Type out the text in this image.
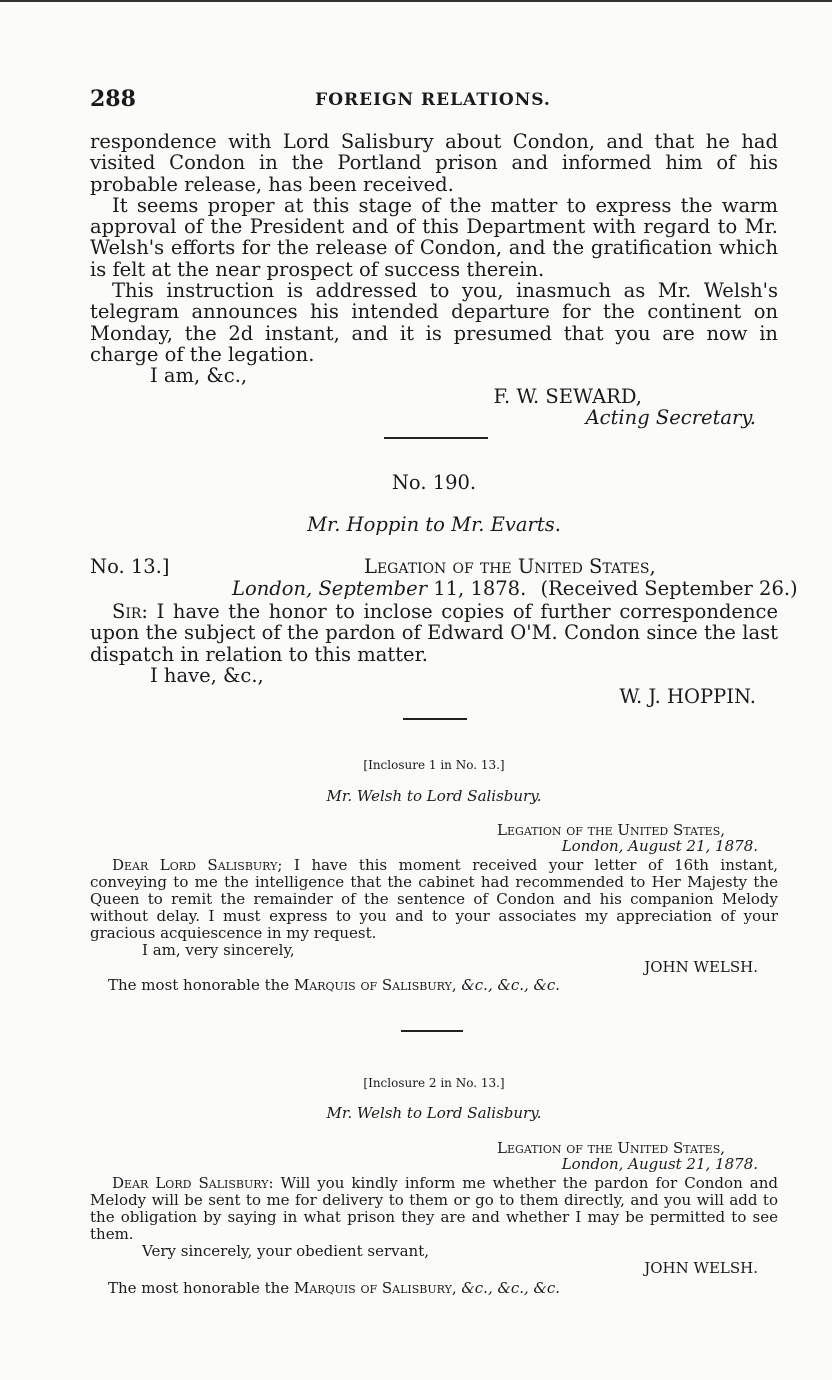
288	FOREIGN RELATIONS.

respondence with Lord Salisbury about Condon, and that he had visited Condon in the Portland prison and informed him of his probable release, has been received.

It seems proper at this stage of the matter to express the warm approval of the President and of this Department with regard to Mr. Welsh's efforts for the release of Condon, and the gratification which is felt at the near prospect of success therein.

This instruction is addressed to you, inasmuch as Mr. Welsh's telegram announces his intended departure for the continent on Monday, the 2d instant, and it is presumed that you are now in charge of the legation.

I am, &c.,

F. W. SEWARD,
Acting Secretary.
No. 190.
Mr. Hoppin to Mr. Evarts.
No. 13.]	Legation of the United States,
London, September 11, 1878. (Received September 26.)

Sir: I have the honor to inclose copies of further correspondence upon the subject of the pardon of Edward O'M. Condon since the last dispatch in relation to this matter.

I have, &c.,

W. J. HOPPIN.
[Inclosure 1 in No. 13.]
Mr. Welsh to Lord Salisbury.
Legation of the United States,
London, August 21, 1878.

Dear Lord Salisbury; I have this moment received your letter of 16th instant, conveying to me the intelligence that the cabinet had recommended to Her Majesty the Queen to remit the remainder of the sentence of Condon and his companion Melody without delay. I must express to you and to your associates my appreciation of your gracious acquiescence in my request.

I am, very sincerely,

JOHN WELSH.
The most honorable the Marquis of Salisbury, &c., &c., &c.
[Inclosure 2 in No. 13.]
Mr. Welsh to Lord Salisbury.
Legation of the United States,
London, August 21, 1878.

Dear Lord Salisbury: Will you kindly inform me whether the pardon for Condon and Melody will be sent to me for delivery to them or go to them directly, and you will add to the obligation by saying in what prison they are and whether I may be permitted to see them.

Very sincerely, your obedient servant,

JOHN WELSH.
The most honorable the Marquis of Salisbury, &c., &c., &c.
